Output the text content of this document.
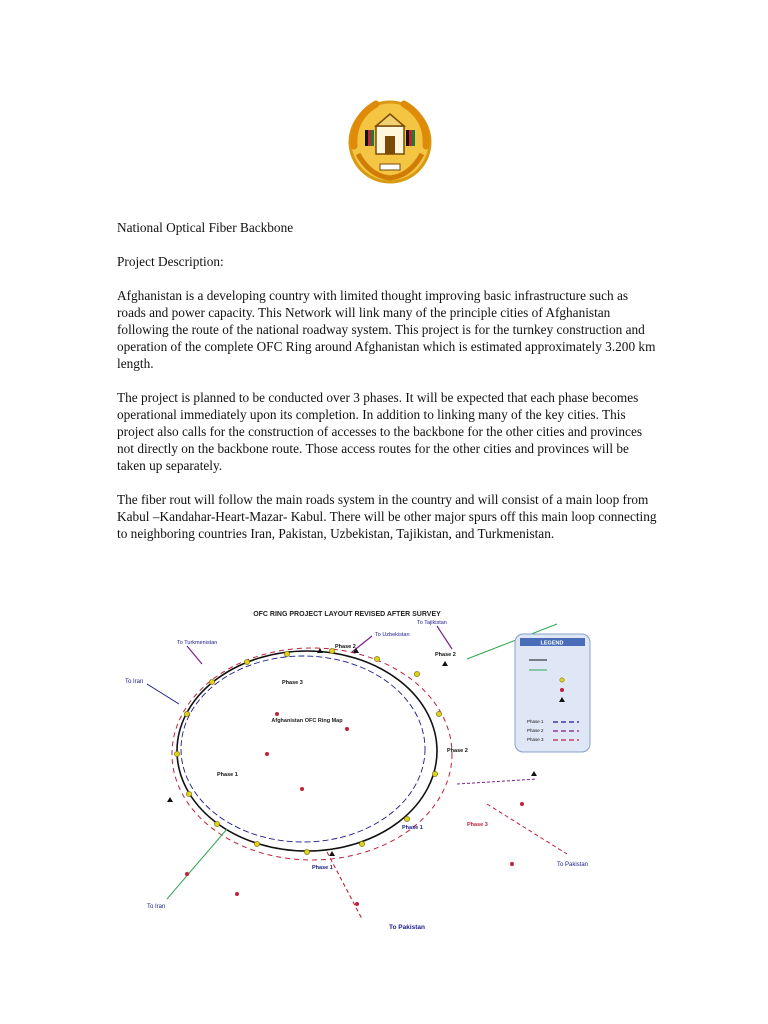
National Optical Fiber Backbone

Project Description:

Afghanistan is a developing country with limited thought improving basic infrastructure such as roads and power capacity. This Network will link many of the principle cities of Afghanistan following the route of the national roadway system. This project is for the turnkey construction and operation of the complete OFC Ring around Afghanistan which is estimated approximately 3.200 km length.

The project is planned to be conducted over 3 phases. It will be expected that each phase becomes operational immediately upon its completion. In addition to linking many of the key cities. This project also calls for the construction of accesses to the backbone for the other cities and provinces not directly on the backbone route. Those access routes for the other cities and provinces will be taken up separately.

The fiber rout will follow the main roads system in the country and will consist of a main loop from Kabul –Kandahar-Heart-Mazar- Kabul. There will be other major spurs off this main loop connecting to neighboring countries Iran, Pakistan, Uzbekistan, Tajikistan, and Turkmenistan.

OFC RING PROJECT LAYOUT REVISED AFTER SURVEY
Afghanistan OFC Ring Map
Phase 1
Phase 2
Phase 3
Phase 2
Phase 1
Phase 2
Phase 1
Phase 3
To Turkmenistan
To Uzbekistan
To Tajikistan
To Iran
To Iran
To Pakistan
To Pakistan
LEGEND
Phase 1
Phase 2
Phase 3
